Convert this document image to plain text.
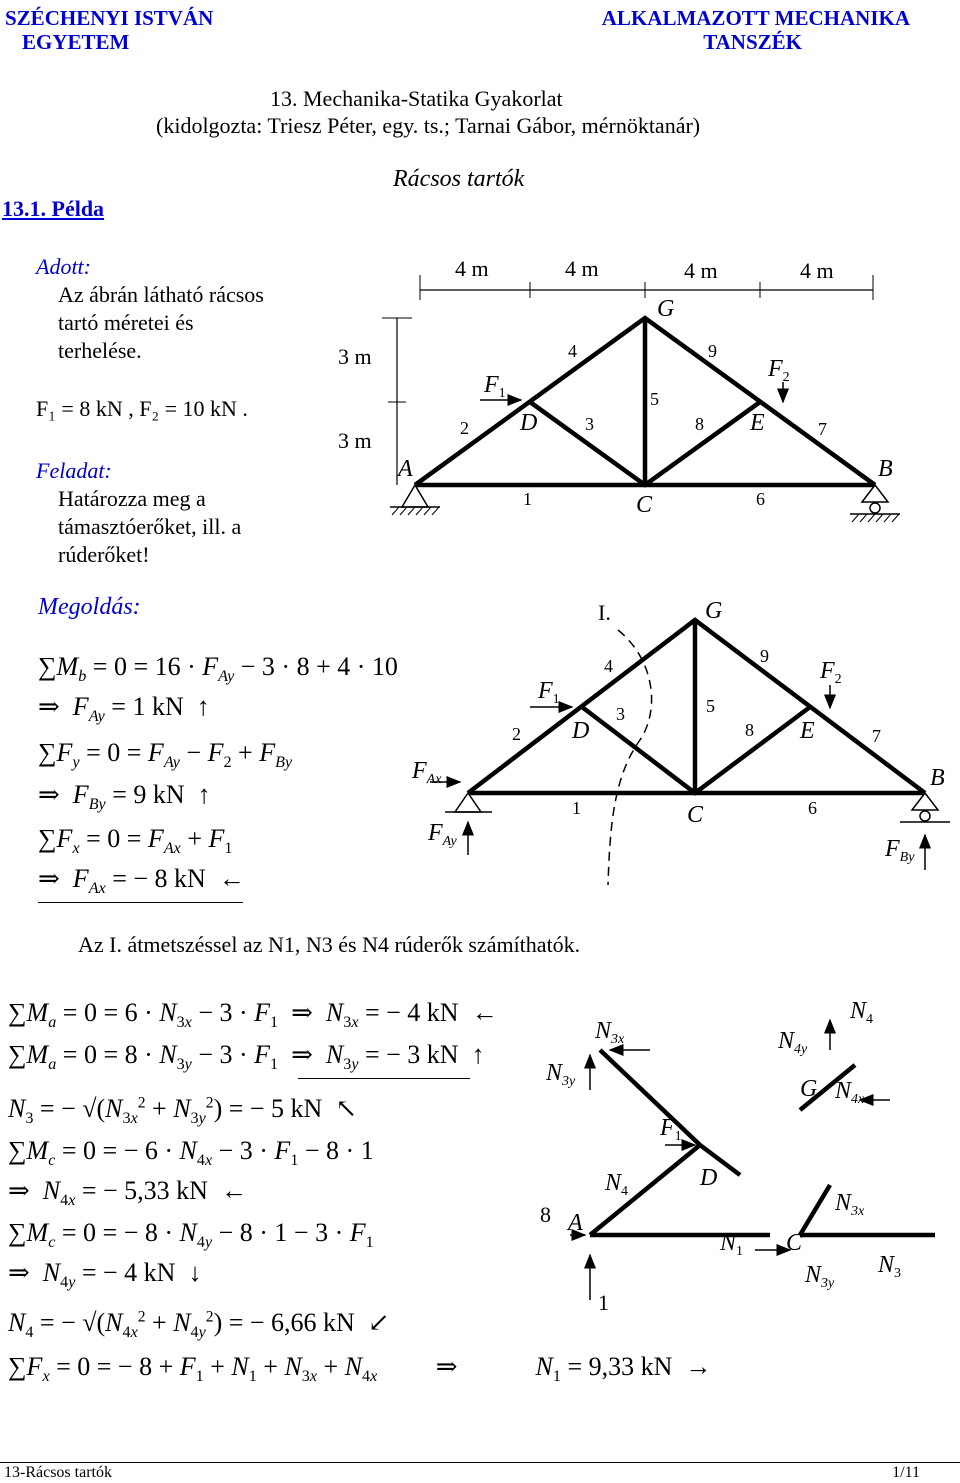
SZÉCHENYI ISTVÁN
EGYETEM
ALKALMAZOTT MECHANIKA
TANSZÉK
13. Mechanika-Statika Gyakorlat
(kidolgozta: Triesz Péter, egy. ts.; Tarnai Gábor, mérnöktanár)
Rácsos tartók
13.1. Példa
Adott:
Az ábrán látható rácsos
tartó méretei és
terhelése.
F₁ = 8 kN , F₂ = 10 kN .
Feladat:
Határozza meg a
támasztóerőket, ill. a
rúderőket!
4 m	4 m	4 m	4 m
3 m
3 m
A	B
C
D	E
G
1
2	3
4
5
6
7
8
9
$F_1$
$F_2$
Megoldás:
$\sum M_b = 0 = 16 \cdot F_{Ay} - 3 \cdot 8 + 4 \cdot 10$
⇒  $F_{Ay} = 1$ kN  ↑
$\sum F_y = 0 = F_{Ay} - F_2 + F_{By}$
⇒  $F_{By} = 9$ kN  ↑
$\sum F_x = 0 = F_{Ax} + F_1$
⇒  $F_{Ax}$ = − 8 kN  ←
I.	G
D	E
C
B
4	9
2
3	5
8	7
1	6
$F_1$
$F_2$
$F_{Ax}$
$F_{Ay}$	$F_{By}$
Az I. átmetszéssel az N1, N3 és N4 rúderők számíthatók.
$\sum M_a = 0 = 6 \cdot N_{3x} - 3 \cdot F_1$  ⇒  $N_{3x}$ = − 4 kN  ←
$\sum M_a = 0 = 8 \cdot N_{3y} - 3 \cdot F_1$  ⇒  $N_{3y}$ = − 3 kN  ↑
$N_3$ = − $√(N_{3x}^2 + N_{3y}^2)$ = − 5 kN  ↖
$\sum M_c = 0$ = − $6 \cdot N_{4x} - 3 \cdot F_1 - 8 \cdot 1$
⇒  $N_{4x}$ = − 5,33 kN  ←
$\sum M_c = 0$ = − $8 \cdot N_{4y} - 8 \cdot 1 - 3 \cdot F_1$
⇒  $N_{4y}$ = − 4 kN  ↓
$N_4$ = − $√(N_{4x}^2 + N_{4y}^2)$ = − 6,66 kN  ↙
$\sum F_x = 0$ = − $8 + F_1 + N_1 + N_{3x} + N_{4x}$         ⇒            $N_1 = 9,33$ kN  →
$N_{3x}$
$N_{3y}$
$N_4$
$N_{4y}$
G $N_{4x}$
$F_1$
D
$N_4$	$N_{3x}$
8 A
$N_1$ C
$N_{3y}$
$N_3$
1
13-Rácsos tartók	1/11
